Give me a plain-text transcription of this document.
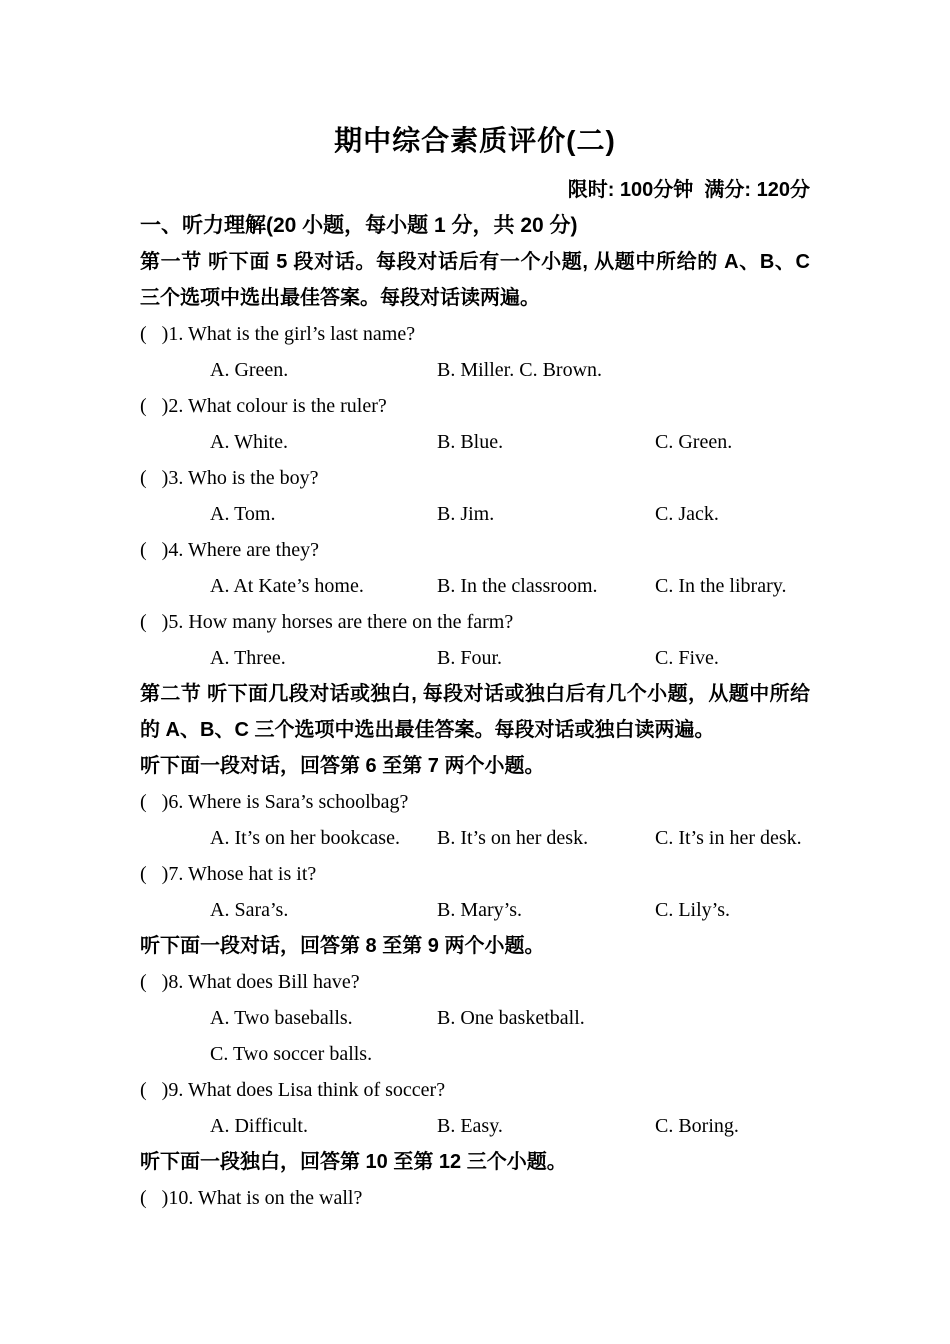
期中综合素质评价(二)
限时: 100分钟  满分: 120分
一、听力理解(20 小题，每小题 1 分，共 20 分)

第一节 听下面 5 段对话。每段对话后有一个小题, 从题中所给的 A、B、C 三个选项中选出最佳答案。每段对话读两遍。

(   )1. What is the girl’s last name?
A. Green.	B. Miller. C. Brown.
(   )2. What colour is the ruler?
A. White.	B. Blue.	C. Green.
(   )3. Who is the boy?
A. Tom.	B. Jim.	C. Jack.
(   )4. Where are they?
A. At Kate’s home.	B. In the classroom.	C. In the library.
(   )5. How many horses are there on the farm?
A. Three.	B. Four.	C. Five.

第二节 听下面几段对话或独白, 每段对话或独白后有几个小题，从题中所给的 A、B、C 三个选项中选出最佳答案。每段对话或独白读两遍。

听下面一段对话，回答第 6 至第 7 两个小题。
(   )6. Where is Sara’s schoolbag?
A. It’s on her bookcase. B. It’s on her desk.	C. It’s in her desk.
(   )7. Whose hat is it?
A. Sara’s.	B. Mary’s.	C. Lily’s.
听下面一段对话，回答第 8 至第 9 两个小题。
(   )8. What does Bill have?
A. Two baseballs.	B. One basketball.
C. Two soccer balls.
(   )9. What does Lisa think of soccer?
A. Difficult.	B. Easy.	C. Boring.
听下面一段独白，回答第 10 至第 12 三个小题。
(   )10. What is on the wall?
